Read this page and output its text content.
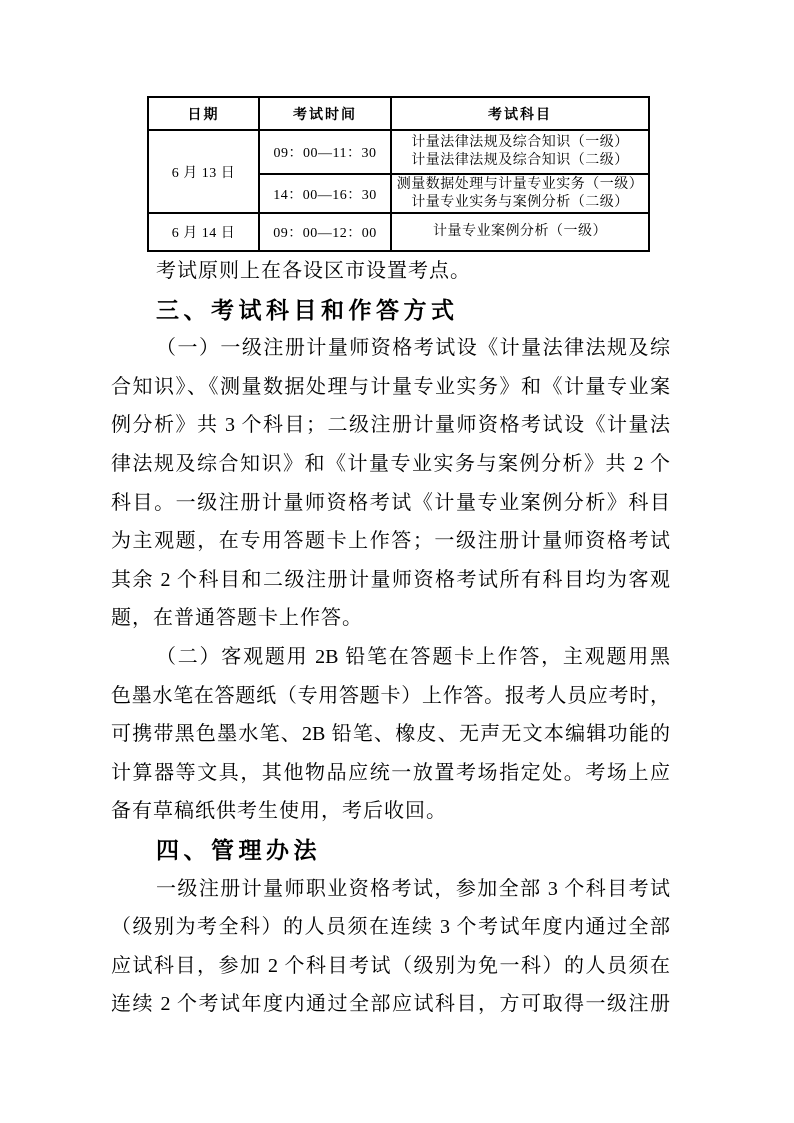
日期	考试时间	考试科目
6 月 13 日	09：00—11：30	计量法律法规及综合知识（一级）
计量法律法规及综合知识（二级）

	14：00—16：30	测量数据处理与计量专业实务（一级）
计量专业实务与案例分析（二级）

6 月 14 日	09：00—12：00	计量专业案例分析（一级）
考试原则上在各设区市设置考点。
三、考试科目和作答方式
（一）一级注册计量师资格考试设《计量法律法规及综
合知识》、《测量数据处理与计量专业实务》和《计量专业案
例分析》共 3 个科目；二级注册计量师资格考试设《计量法
律法规及综合知识》和《计量专业实务与案例分析》共 2 个
科目。一级注册计量师资格考试《计量专业案例分析》科目
为主观题，在专用答题卡上作答；一级注册计量师资格考试
其余 2 个科目和二级注册计量师资格考试所有科目均为客观
题，在普通答题卡上作答。
（二）客观题用 2B 铅笔在答题卡上作答，主观题用黑
色墨水笔在答题纸（专用答题卡）上作答。报考人员应考时，
可携带黑色墨水笔、2B 铅笔、橡皮、无声无文本编辑功能的
计算器等文具，其他物品应统一放置考场指定处。考场上应
备有草稿纸供考生使用，考后收回。
四、管理办法
一级注册计量师职业资格考试，参加全部 3 个科目考试
（级别为考全科）的人员须在连续 3 个考试年度内通过全部
应试科目，参加 2 个科目考试（级别为免一科）的人员须在
连续 2 个考试年度内通过全部应试科目，方可取得一级注册
